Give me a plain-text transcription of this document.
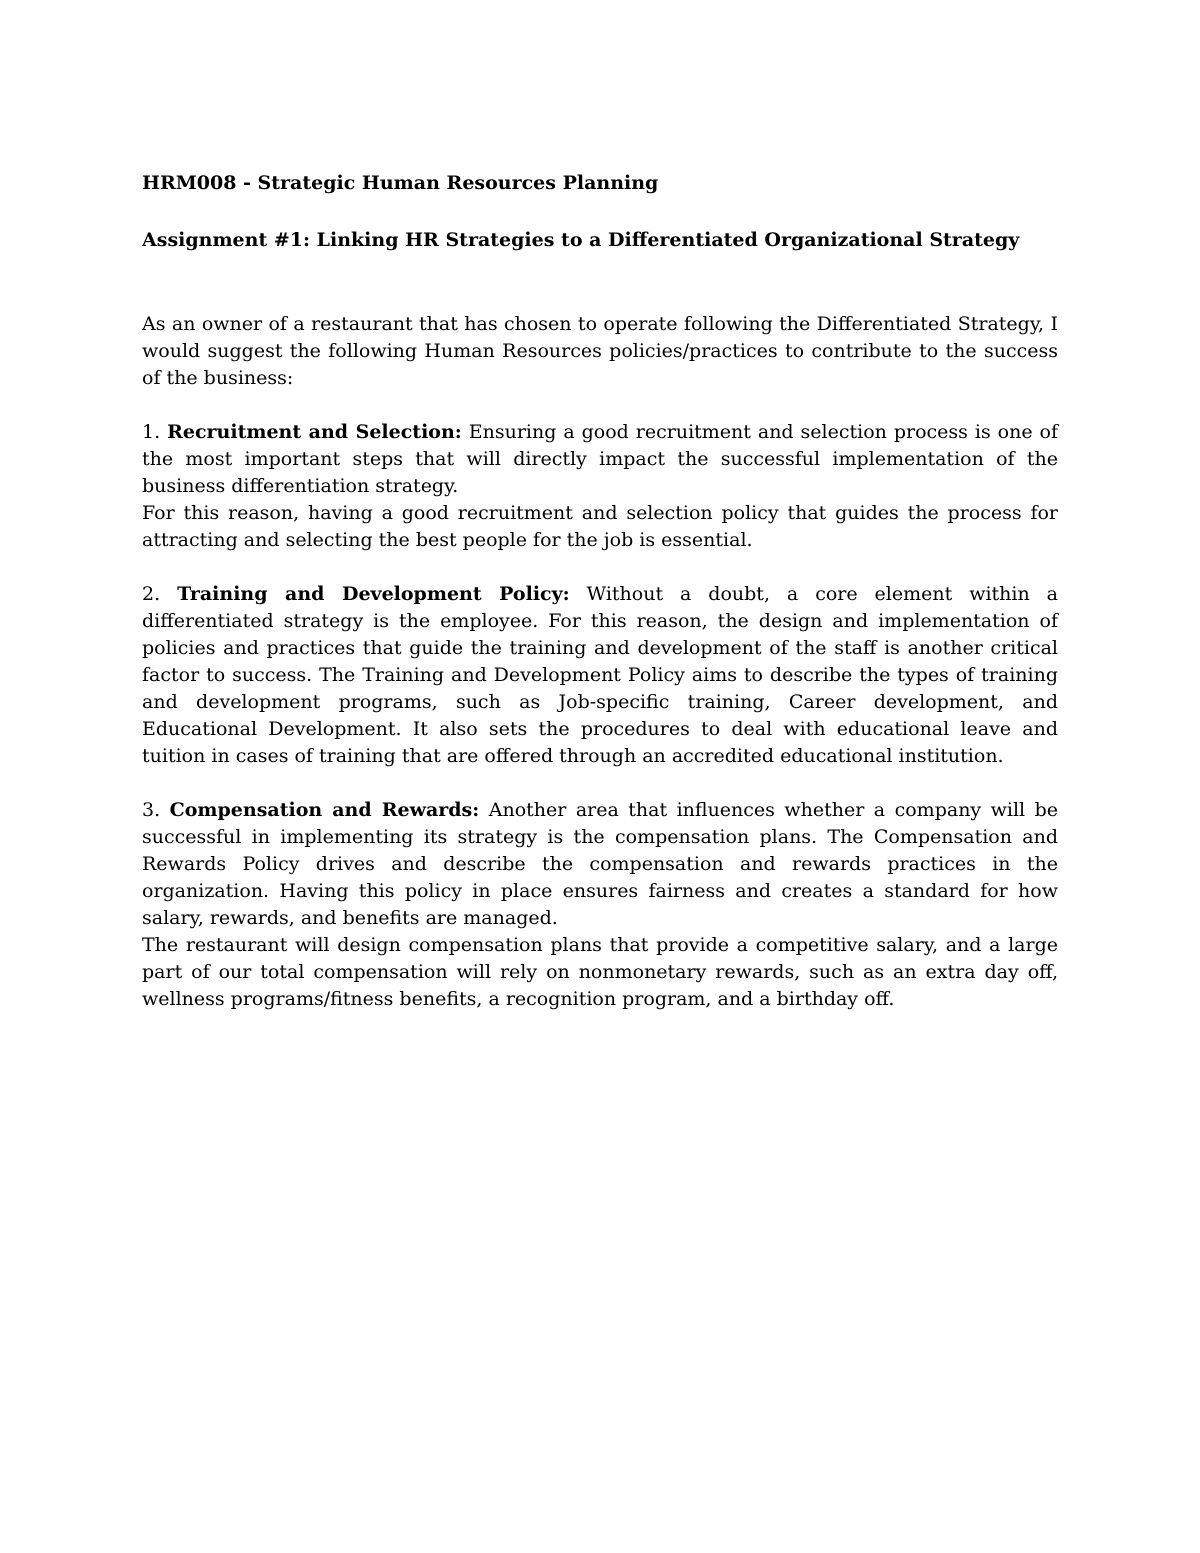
HRM008 - Strategic Human Resources Planning

Assignment #1: Linking HR Strategies to a Differentiated Organizational Strategy

As an owner of a restaurant that has chosen to operate following the Differentiated Strategy, I would suggest the following Human Resources policies/practices to contribute to the success of the business:

1. Recruitment and Selection: Ensuring a good recruitment and selection process is one of the most important steps that will directly impact the successful implementation of the business differentiation strategy.
For this reason, having a good recruitment and selection policy that guides the process for attracting and selecting the best people for the job is essential.
2. Training and Development Policy: Without a doubt, a core element within a differentiated strategy is the employee. For this reason, the design and implementation of policies and practices that guide the training and development of the staff is another critical factor to success. The Training and Development Policy aims to describe the types of training and development programs, such as Job-specific training, Career development, and Educational Development. It also sets the procedures to deal with educational leave and tuition in cases of training that are offered through an accredited educational institution.
3. Compensation and Rewards: Another area that influences whether a company will be successful in implementing its strategy is the compensation plans. The Compensation and Rewards Policy drives and describe the compensation and rewards practices in the organization. Having this policy in place ensures fairness and creates a standard for how salary, rewards, and benefits are managed.
The restaurant will design compensation plans that provide a competitive salary, and a large part of our total compensation will rely on nonmonetary rewards, such as an extra day off, wellness programs/fitness benefits, a recognition program, and a birthday off.
